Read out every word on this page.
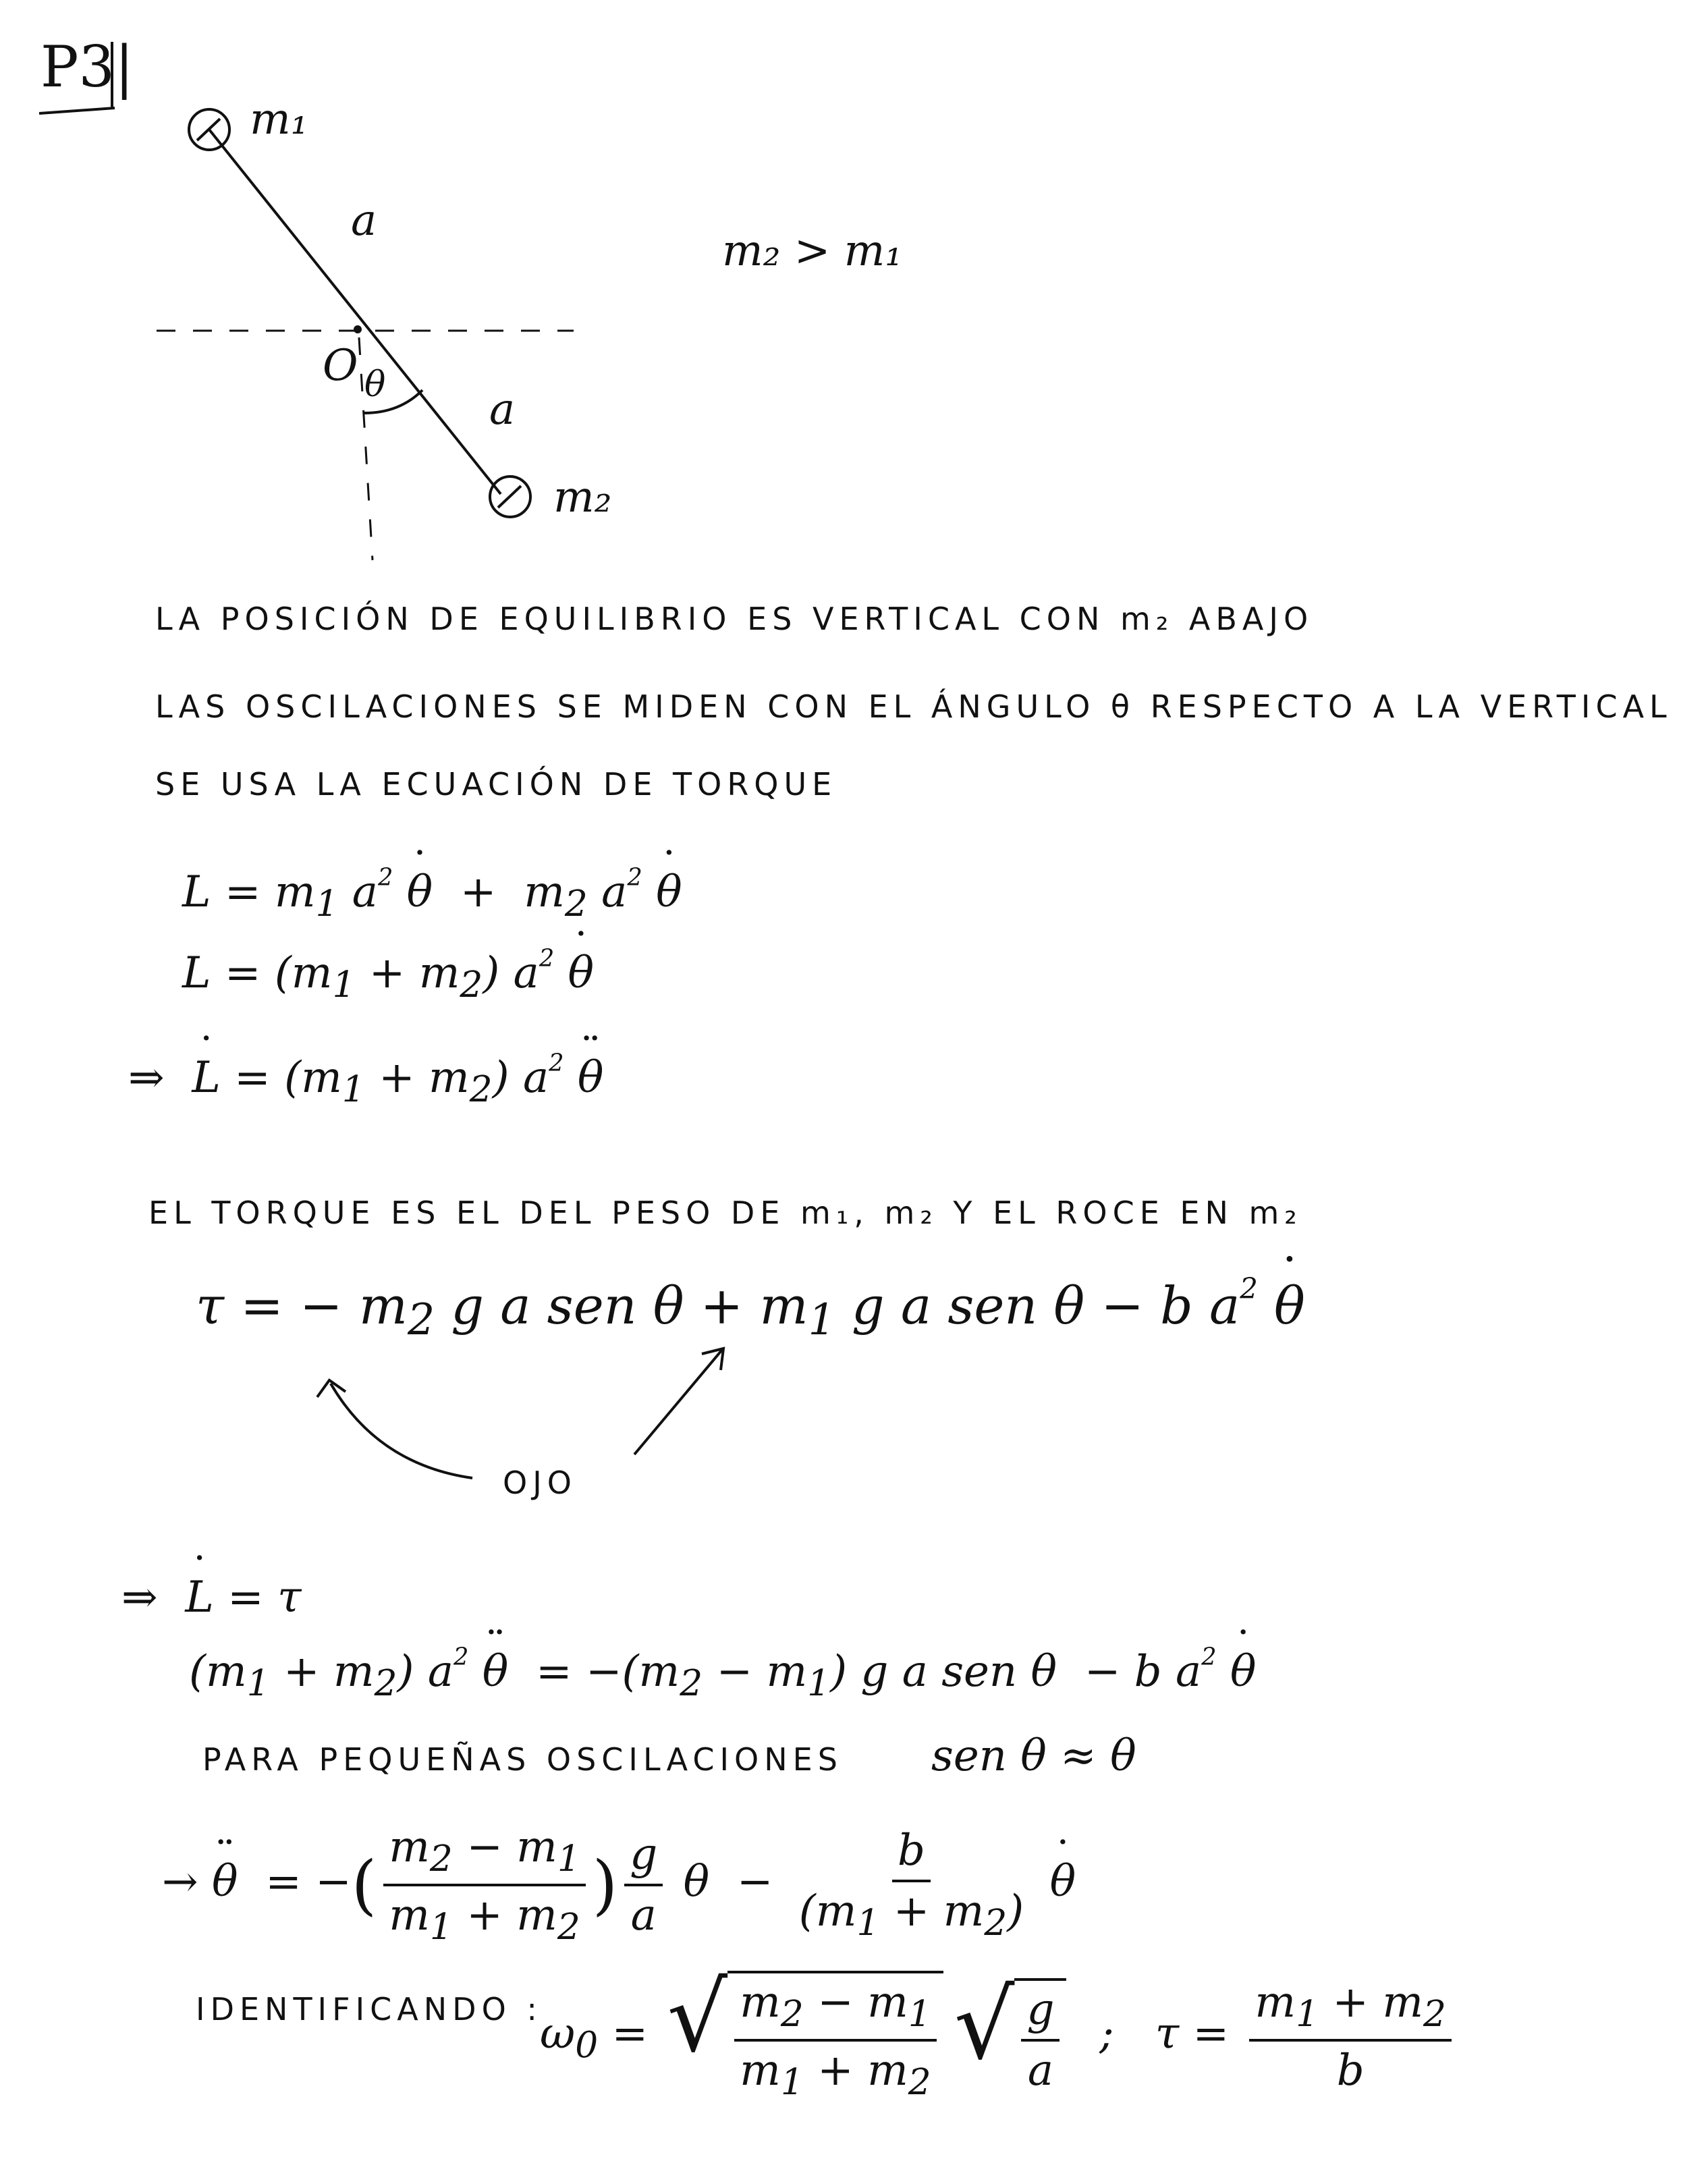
P3|
m₁
a
m₂ > m₁
O θ a
m₂
LA POSICIÓN DE EQUILIBRIO ES VERTICAL CON m₂ ABAJO
LAS OSCILACIONES SE MIDEN CON EL ÁNGULO θ RESPECTO A LA VERTICAL
SE USA LA ECUACIÓN DE TORQUE
$L = m_1$ $a^2$ ˙ $\theta + m_2$ $a^2$ ˙ θ
$L = (m_1 + m_2)$ $a^2$ ˙ θ
⇒  ˙ $L = (m_1 + m_2)$ $a^2$ ¨ θ
EL TORQUE ES EL DEL PESO DE m₁, m₂ Y EL ROCE EN m₂
τ = − $m_2$ g a sen $\theta + m_1$ g a sen θ − b $a^2$ ˙ θ
OJO
⇒  ˙ L = τ
$(m_1 + m_2)$ $a^2$ ¨ $\theta = -(m_2 - m_1)$ g a sen θ  − b $a^2$ ˙ θ
PARA PEQUEÑAS OSCILACIONES sen θ ≈ θ
→ ¨ θ  = −( $\frac{m_2 - m_1}{m_1 + m_2}$ ) $\frac{g}{a}$ $\theta - \frac{b}{(m_1 + m_2)}$ ˙ θ
IDENTIFICANDO :
$\omega_0$ = √ $\frac{m_2 - m_1}{m_1 + m_2}$ √ $\frac{g}{a}$ ;   $\tau = \frac{m_1 + m_2}{b}$
